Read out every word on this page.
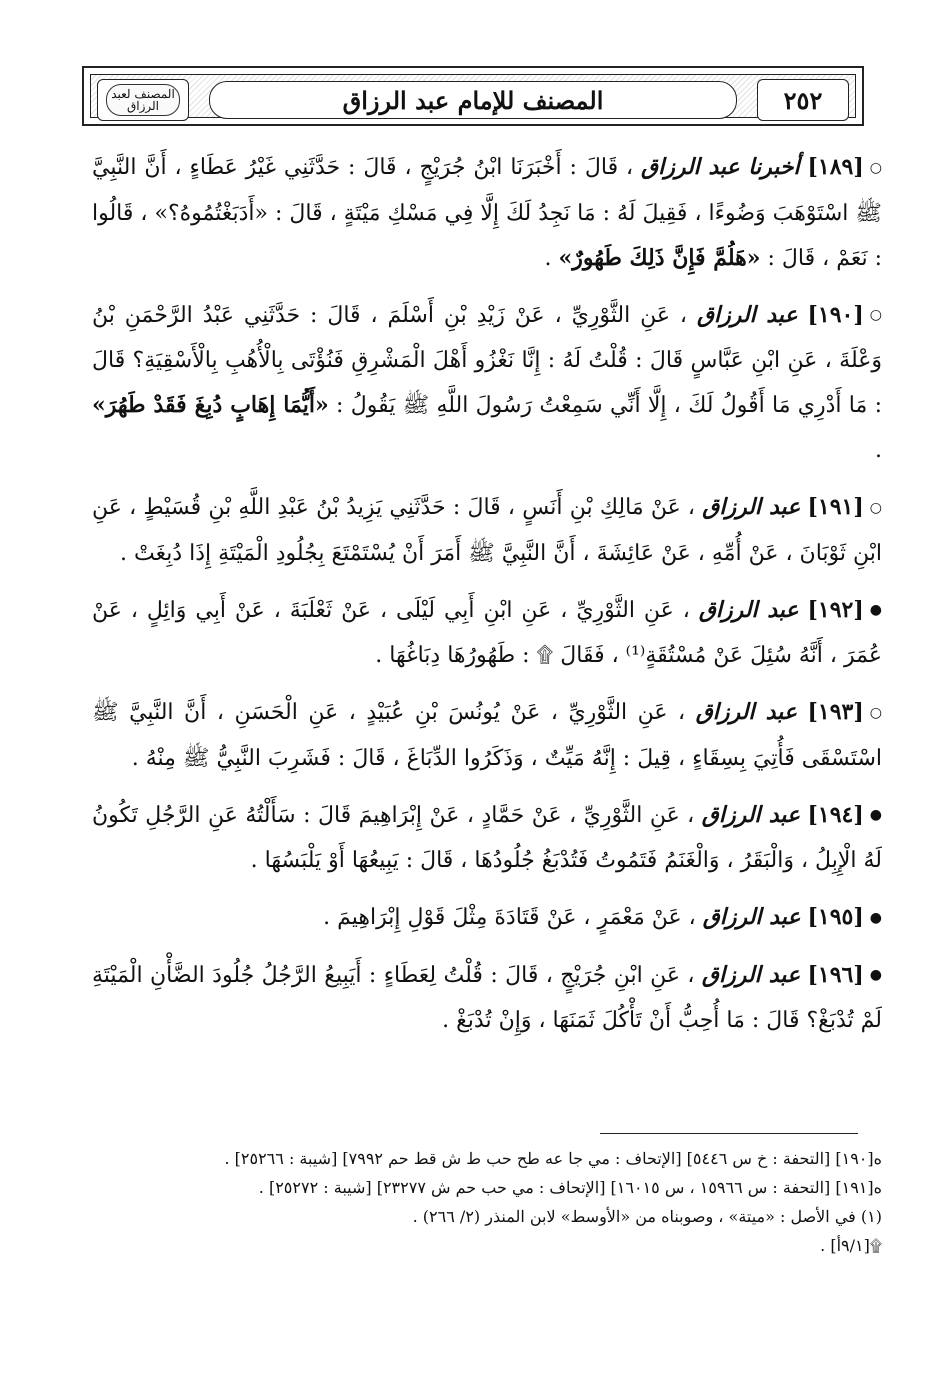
المصنف لعبد الرزاق	المصنف للإمام عبد الرزاق	٢٥٢

○[١٨٩] أخبرنا عبد الرزاق ، قَالَ : أَخْبَرَنَا ابْنُ جُرَيْجٍ ، قَالَ : حَدَّثَنِي غَيْرُ عَطَاءٍ ، أَنَّ النَّبِيَّ ﷺ اسْتَوْهَبَ وَضُوءًا ، فَقِيلَ لَهُ : مَا نَجِدُ لَكَ إِلَّا فِي مَسْكِ مَيْتَةٍ ، قَالَ : «أَدَبَغْتُمُوهُ؟» ، قَالُوا : نَعَمْ ، قَالَ : «هَلُمَّ فَإِنَّ ذَلِكَ طَهُورٌ» .

○[١٩٠] عبد الرزاق ، عَنِ الثَّوْرِيِّ ، عَنْ زَيْدِ بْنِ أَسْلَمَ ، قَالَ : حَدَّثَنِي عَبْدُ الرَّحْمَنِ بْنُ وَعْلَةَ ، عَنِ ابْنِ عَبَّاسٍ قَالَ : قُلْتُ لَهُ : إِنَّا نَغْزُو أَهْلَ الْمَشْرِقِ فَنُؤْتَى بِالْأُهُبِ بِالْأَسْقِيَةِ؟ قَالَ : مَا أَدْرِي مَا أَقُولُ لَكَ ، إِلَّا أَنِّي سَمِعْتُ رَسُولَ اللَّهِ ﷺ يَقُولُ : «أَيُّمَا إِهَابٍ دُبِغَ فَقَدْ طَهُرَ» .

○[١٩١] عبد الرزاق ، عَنْ مَالِكِ بْنِ أَنَسٍ ، قَالَ : حَدَّثَنِي يَزِيدُ بْنُ عَبْدِ اللَّهِ بْنِ قُسَيْطٍ ، عَنِ ابْنِ ثَوْبَانَ ، عَنْ أُمِّهِ ، عَنْ عَائِشَةَ ، أَنَّ النَّبِيَّ ﷺ أَمَرَ أَنْ يُسْتَمْتَعَ بِجُلُودِ الْمَيْتَةِ إِذَا دُبِغَتْ .

●[١٩٢] عبد الرزاق ، عَنِ الثَّوْرِيِّ ، عَنِ ابْنِ أَبِي لَيْلَى ، عَنْ ثَعْلَبَةَ ، عَنْ أَبِي وَائِلٍ ، عَنْ عُمَرَ ، أَنَّهُ سُئِلَ عَنْ مُسْتُقَةٍ⁽¹⁾ ، فَقَالَ ۩ : طَهُورُهَا دِبَاغُهَا .

○[١٩٣] عبد الرزاق ، عَنِ الثَّوْرِيِّ ، عَنْ يُونُسَ بْنِ عُبَيْدٍ ، عَنِ الْحَسَنِ ، أَنَّ النَّبِيَّ ﷺ اسْتَسْقَى فَأُتِيَ بِسِقَاءٍ ، قِيلَ : إِنَّهُ مَيِّتٌ ، وَذَكَرُوا الدِّبَاغَ ، قَالَ : فَشَرِبَ النَّبِيُّ ﷺ مِنْهُ .

●[١٩٤] عبد الرزاق ، عَنِ الثَّوْرِيِّ ، عَنْ حَمَّادٍ ، عَنْ إِبْرَاهِيمَ قَالَ : سَأَلْتُهُ عَنِ الرَّجُلِ تَكُونُ لَهُ الْإِبِلُ ، وَالْبَقَرُ ، وَالْغَنَمُ فَتَمُوتُ فَتُدْبَغُ جُلُودُهَا ، قَالَ : يَبِيعُهَا أَوْ يَلْبَسُهَا .

●[١٩٥] عبد الرزاق ، عَنْ مَعْمَرٍ ، عَنْ قَتَادَةَ مِثْلَ قَوْلِ إِبْرَاهِيمَ .

●[١٩٦] عبد الرزاق ، عَنِ ابْنِ جُرَيْجٍ ، قَالَ : قُلْتُ لِعَطَاءٍ : أَيَبِيعُ الرَّجُلُ جُلُودَ الضَّأْنِ الْمَيْتَةِ لَمْ تُدْبَغْ؟ قَالَ : مَا أُحِبُّ أَنْ تَأْكُلَ ثَمَنَهَا ، وَإِنْ تُدْبَغْ .

ه[١٩٠] [التحفة : خ س ٥٤٤٦] [الإتحاف : مي جا عه طح حب ط ش قط حم ٧٩٩٢] [شيبة : ٢٥٢٦٦] .

ه[١٩١] [التحفة : س ١٥٩٦٦ ، س ١٦٠١٥] [الإتحاف : مي حب حم ش ٢٣٢٧٧] [شيبة : ٢٥٢٧٢] .

(١) في الأصل : «ميتة» ، وصوبناه من «الأوسط» لابن المنذر (٢/ ٢٦٦) .

۩[٩/١أ] .
